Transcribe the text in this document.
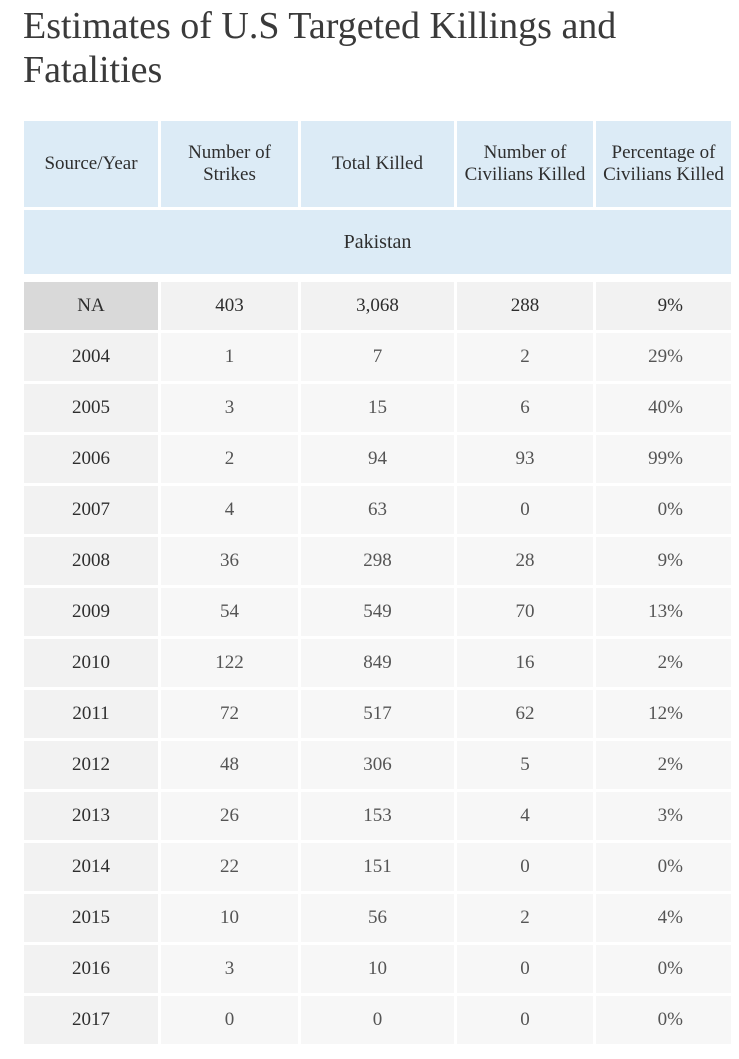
Estimates of U.S Targeted Killings and Fatalities
Source/Year	Number of Strikes	Total Killed	Number of Civilians Killed	Percentage of Civilians Killed
Pakistan				

NA	403	3,068	288	9%
2004	1	7	2	29%
2005	3	15	6	40%
2006	2	94	93	99%
2007	4	63	0	0%
2008	36	298	28	9%
2009	54	549	70	13%
2010	122	849	16	2%
2011	72	517	62	12%
2012	48	306	5	2%
2013	26	153	4	3%
2014	22	151	0	0%
2015	10	56	2	4%
2016	3	10	0	0%
2017	0	0	0	0%
